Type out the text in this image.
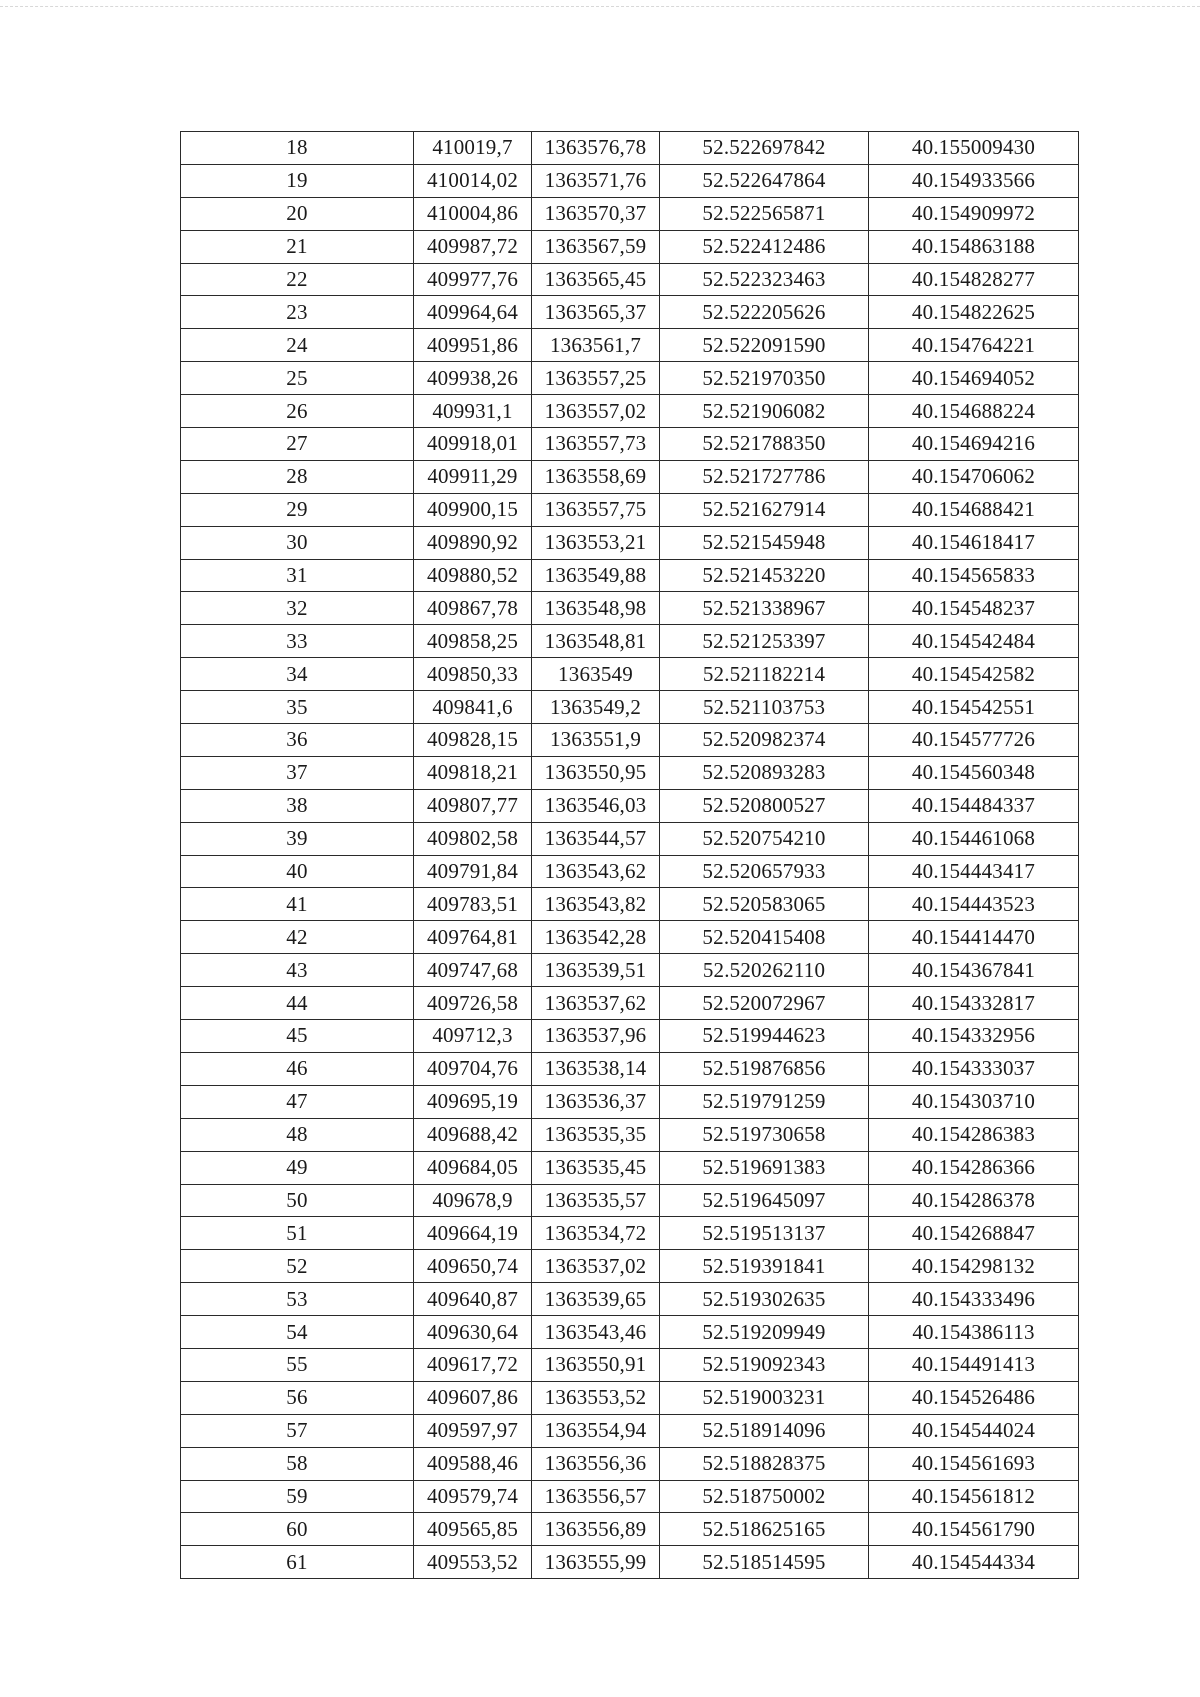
18	410019,7	1363576,78	52.522697842	40.155009430
19	410014,02	1363571,76	52.522647864	40.154933566
20	410004,86	1363570,37	52.522565871	40.154909972
21	409987,72	1363567,59	52.522412486	40.154863188
22	409977,76	1363565,45	52.522323463	40.154828277
23	409964,64	1363565,37	52.522205626	40.154822625
24	409951,86	1363561,7	52.522091590	40.154764221
25	409938,26	1363557,25	52.521970350	40.154694052
26	409931,1	1363557,02	52.521906082	40.154688224
27	409918,01	1363557,73	52.521788350	40.154694216
28	409911,29	1363558,69	52.521727786	40.154706062
29	409900,15	1363557,75	52.521627914	40.154688421
30	409890,92	1363553,21	52.521545948	40.154618417
31	409880,52	1363549,88	52.521453220	40.154565833
32	409867,78	1363548,98	52.521338967	40.154548237
33	409858,25	1363548,81	52.521253397	40.154542484
34	409850,33	1363549	52.521182214	40.154542582
35	409841,6	1363549,2	52.521103753	40.154542551
36	409828,15	1363551,9	52.520982374	40.154577726
37	409818,21	1363550,95	52.520893283	40.154560348
38	409807,77	1363546,03	52.520800527	40.154484337
39	409802,58	1363544,57	52.520754210	40.154461068
40	409791,84	1363543,62	52.520657933	40.154443417
41	409783,51	1363543,82	52.520583065	40.154443523
42	409764,81	1363542,28	52.520415408	40.154414470
43	409747,68	1363539,51	52.520262110	40.154367841
44	409726,58	1363537,62	52.520072967	40.154332817
45	409712,3	1363537,96	52.519944623	40.154332956
46	409704,76	1363538,14	52.519876856	40.154333037
47	409695,19	1363536,37	52.519791259	40.154303710
48	409688,42	1363535,35	52.519730658	40.154286383
49	409684,05	1363535,45	52.519691383	40.154286366
50	409678,9	1363535,57	52.519645097	40.154286378
51	409664,19	1363534,72	52.519513137	40.154268847
52	409650,74	1363537,02	52.519391841	40.154298132
53	409640,87	1363539,65	52.519302635	40.154333496
54	409630,64	1363543,46	52.519209949	40.154386113
55	409617,72	1363550,91	52.519092343	40.154491413
56	409607,86	1363553,52	52.519003231	40.154526486
57	409597,97	1363554,94	52.518914096	40.154544024
58	409588,46	1363556,36	52.518828375	40.154561693
59	409579,74	1363556,57	52.518750002	40.154561812
60	409565,85	1363556,89	52.518625165	40.154561790
61	409553,52	1363555,99	52.518514595	40.154544334
